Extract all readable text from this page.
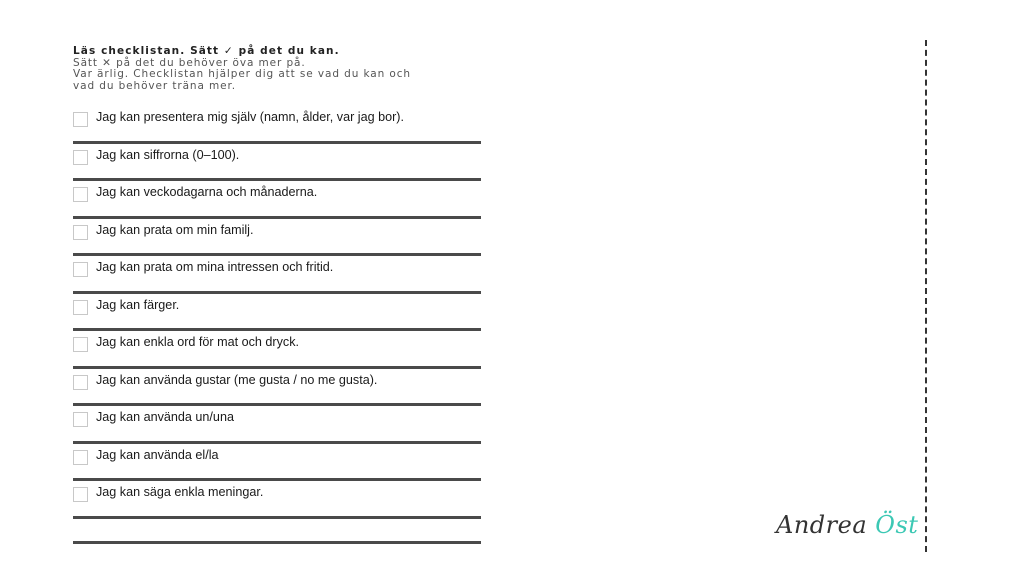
Läs checklistan. Sätt ✓ på det du kan.
Sätt ✕ på det du behöver öva mer på.
Var ärlig. Checklistan hjälper dig att se vad du kan och
vad du behöver träna mer.
Jag kan presentera mig själv (namn, ålder, var jag bor).
Jag kan siffrorna (0–100).
Jag kan veckodagarna och månaderna.
Jag kan prata om min familj.
Jag kan prata om mina intressen och fritid.
Jag kan färger.
Jag kan enkla ord för mat och dryck.
Jag kan använda gustar (me gusta / no me gusta).
Jag kan använda un/una
Jag kan använda el/la
Jag kan säga enkla meningar.
Andrea Öst
